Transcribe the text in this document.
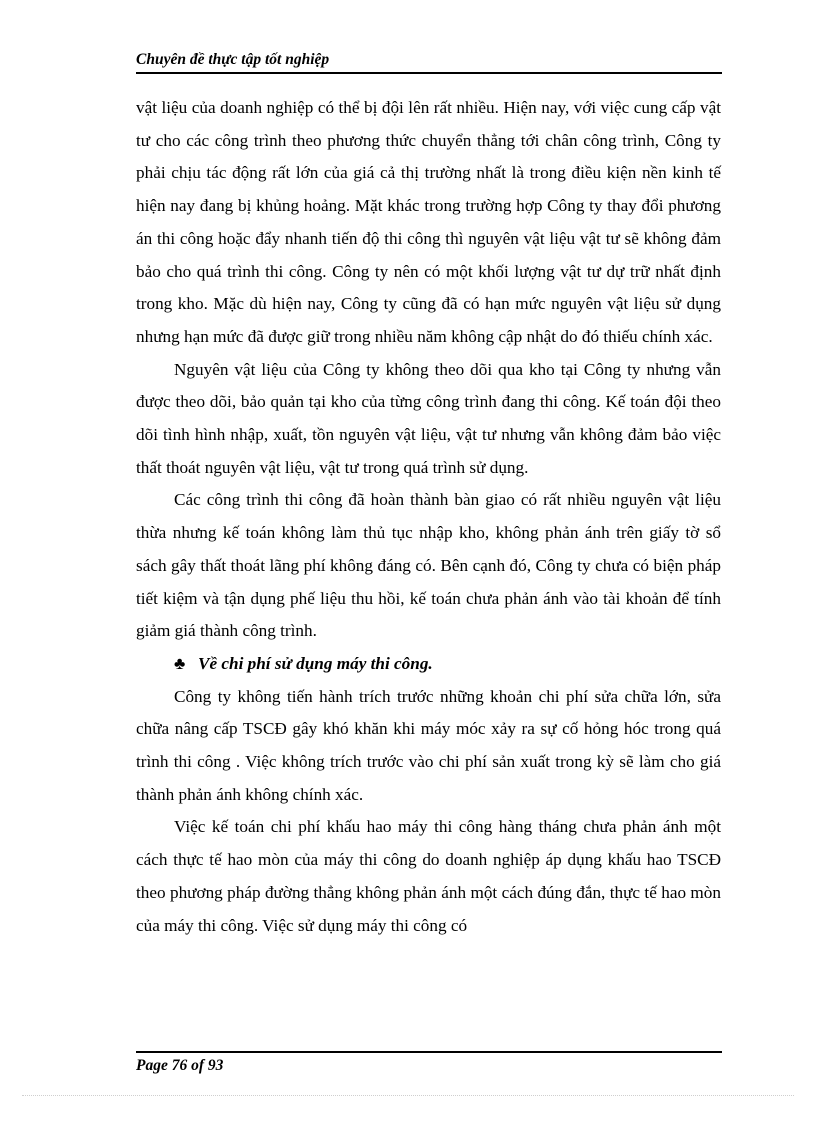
Chuyên đề thực tập tốt nghiệp

vật liệu của doanh nghiệp có thể bị đội lên rất nhiều. Hiện nay, với việc cung cấp vật tư cho các công trình theo phương thức chuyển thẳng tới chân công trình, Công ty phải chịu tác động rất lớn của giá cả thị trường nhất là trong điều kiện nền kinh tế hiện nay đang bị khủng hoảng. Mặt khác trong trường hợp Công ty thay đổi phương án thi công hoặc đẩy nhanh tiến độ thi công thì nguyên vật liệu vật tư sẽ không đảm bảo cho quá trình thi công. Công ty nên có một khối lượng vật tư dự trữ nhất định trong kho. Mặc dù hiện nay, Công ty cũng đã có hạn mức nguyên vật liệu sử dụng nhưng hạn mức đã được giữ trong nhiều năm không cập nhật do đó thiếu chính xác.

Nguyên vật liệu của Công ty không theo dõi qua kho tại Công ty nhưng vẫn được theo dõi, bảo quản tại kho của từng công trình đang thi công. Kế toán đội theo dõi tình hình nhập, xuất, tồn nguyên vật liệu, vật tư nhưng vẫn không đảm bảo việc thất thoát nguyên vật liệu, vật tư trong quá trình sử dụng.

Các công trình thi công đã hoàn thành bàn giao có rất nhiều nguyên vật liệu thừa nhưng kế toán không làm thủ tục nhập kho, không phản ánh trên giấy tờ sổ sách gây thất thoát lãng phí không đáng có. Bên cạnh đó, Công ty chưa có biện pháp tiết kiệm và tận dụng phế liệu thu hồi, kế toán chưa phản ánh vào tài khoản để tính giảm giá thành công trình.

♣ Về chi phí sử dụng máy thi công.

Công ty không tiến hành trích trước những khoản chi phí sửa chữa lớn, sửa chữa nâng cấp TSCĐ gây khó khăn khi máy móc xảy ra sự cố hỏng hóc trong quá trình thi công . Việc không trích trước vào chi phí sản xuất trong kỳ sẽ làm cho giá thành phản ánh không chính xác.

Việc kế toán chi phí khấu hao máy thi công hàng tháng chưa phản ánh một cách thực tế hao mòn của máy thi công do doanh nghiệp áp dụng khấu hao TSCĐ theo phương pháp đường thẳng không phản ánh một cách đúng đắn, thực tế hao mòn của máy thi công. Việc sử dụng máy thi công có

Page 76 of 93
